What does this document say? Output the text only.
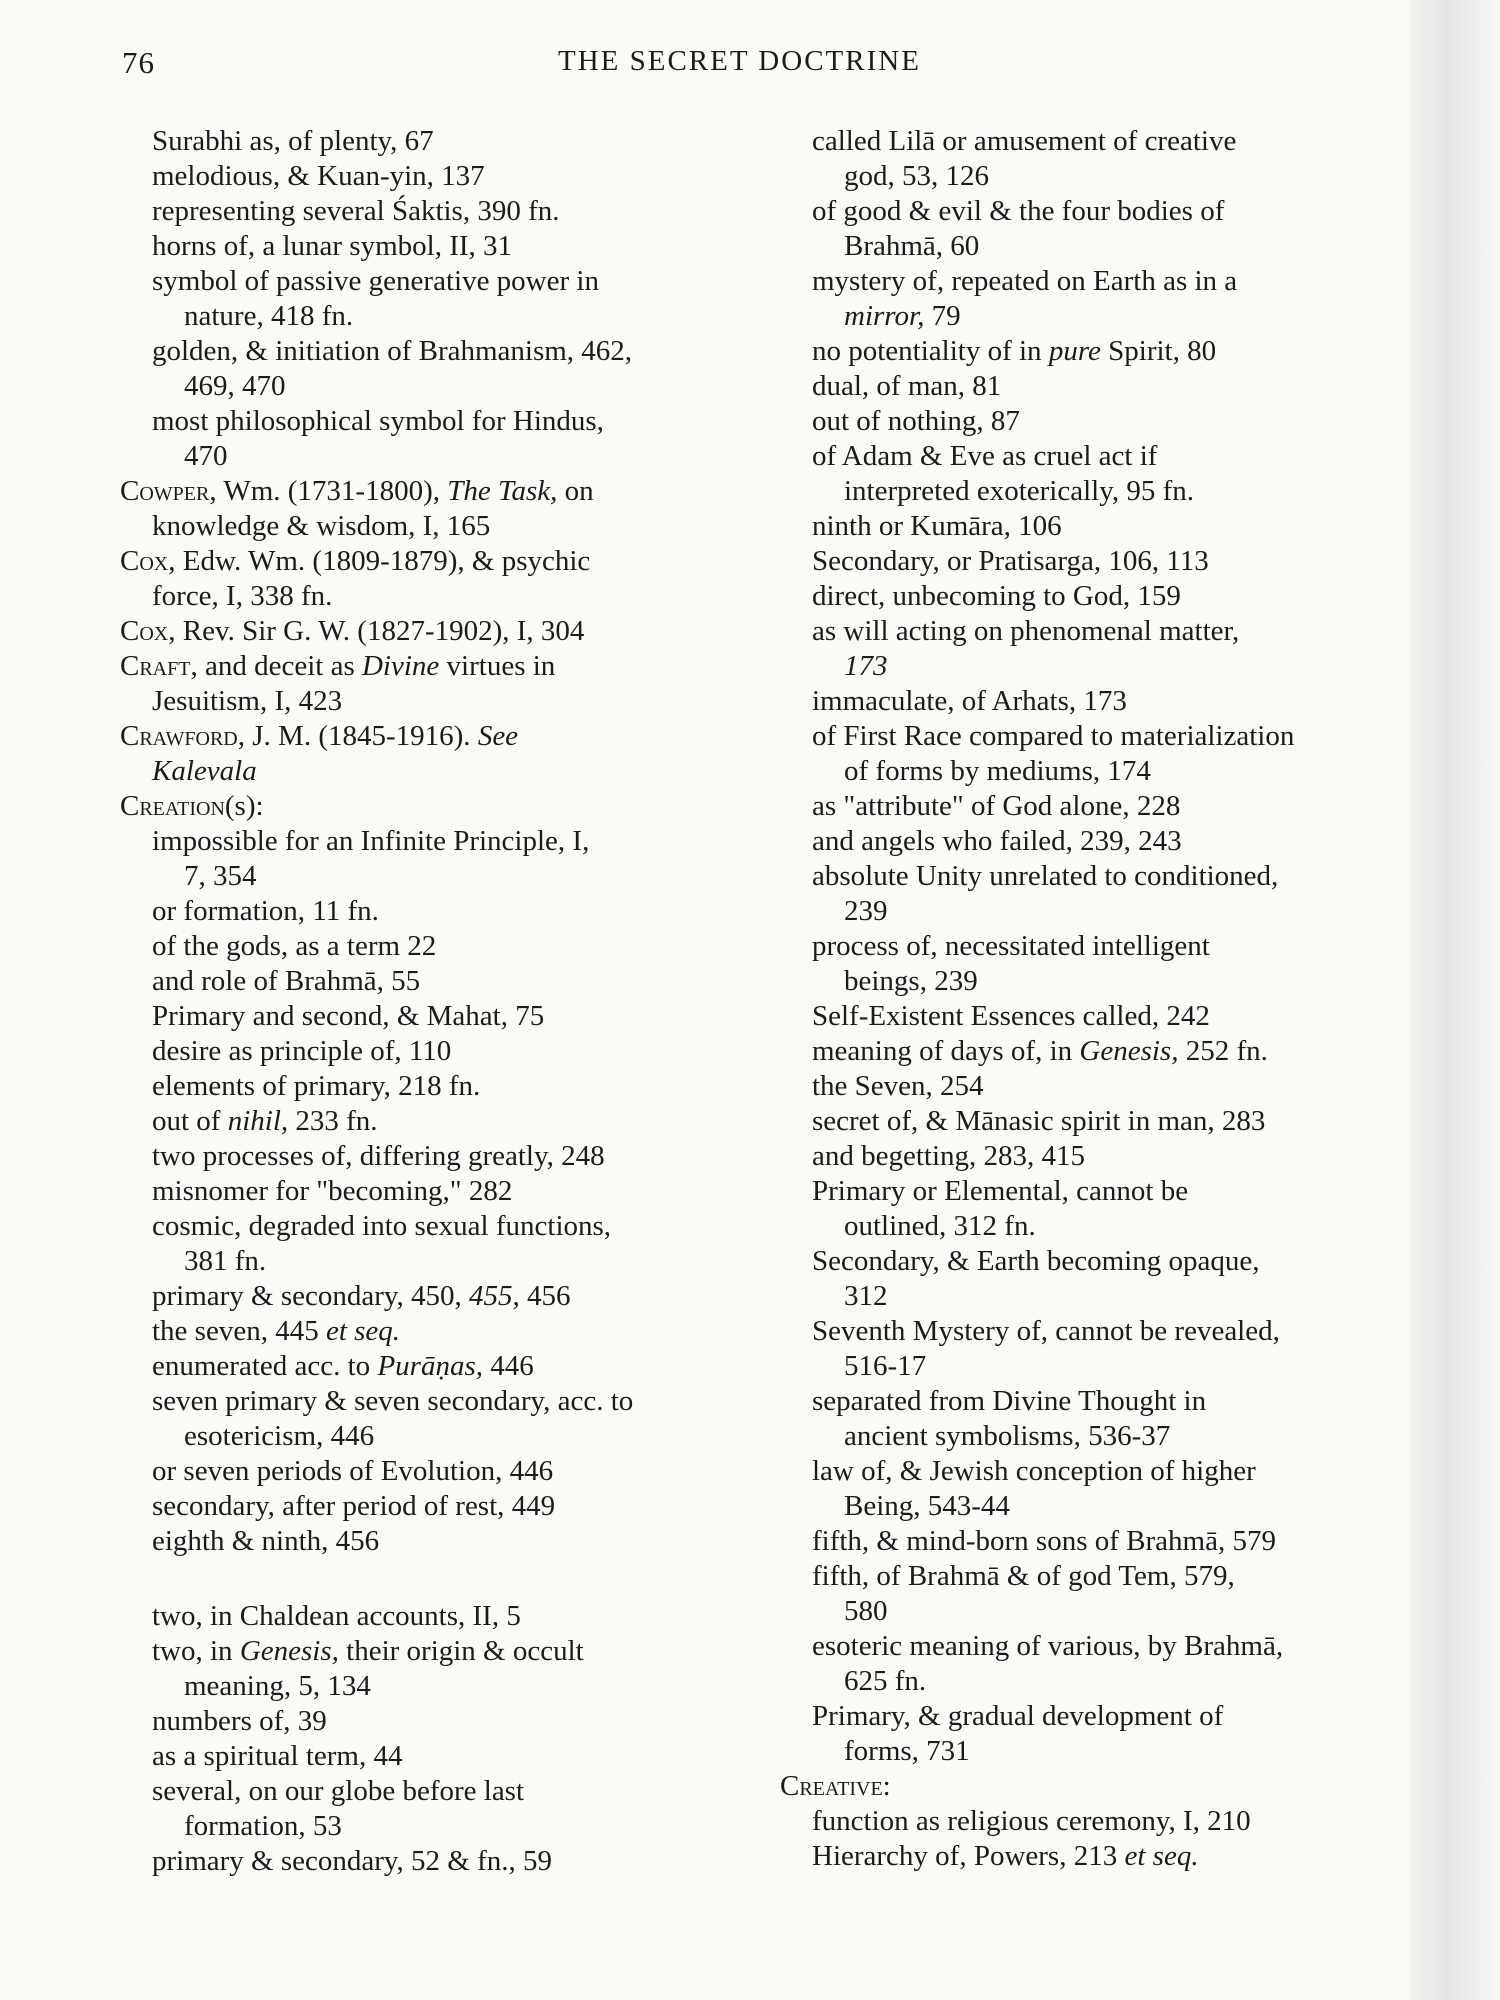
76	THE SECRET DOCTRINE
Surabhi as, of plenty, 67
melodious, & Kuan-yin, 137
representing several Śaktis, 390 fn.
horns of, a lunar symbol, II, 31
symbol of passive generative power in
nature, 418 fn.
golden, & initiation of Brahmanism, 462,
469, 470
most philosophical symbol for Hindus,
470
Cowper, Wm. (1731-1800), The Task, on
knowledge & wisdom, I, 165
Cox, Edw. Wm. (1809-1879), & psychic
force, I, 338 fn.
Cox, Rev. Sir G. W. (1827-1902), I, 304
Craft, and deceit as Divine virtues in
Jesuitism, I, 423
Crawford, J. M. (1845-1916). See
Kalevala
Creation(s):
impossible for an Infinite Principle, I,
7, 354
or formation, 11 fn.
of the gods, as a term 22
and role of Brahmā, 55
Primary and second, & Mahat, 75
desire as principle of, 110
elements of primary, 218 fn.
out of nihil, 233 fn.
two processes of, differing greatly, 248
misnomer for "becoming," 282
cosmic, degraded into sexual functions,
381 fn.
primary & secondary, 450, 455, 456
the seven, 445 et seq.
enumerated acc. to Purāṇas, 446
seven primary & seven secondary, acc. to
esotericism, 446
or seven periods of Evolution, 446
secondary, after period of rest, 449
eighth & ninth, 456
two, in Chaldean accounts, II, 5
two, in Genesis, their origin & occult
meaning, 5, 134
numbers of, 39
as a spiritual term, 44
several, on our globe before last
formation, 53
primary & secondary, 52 & fn., 59
called Lilā or amusement of creative
god, 53, 126
of good & evil & the four bodies of
Brahmā, 60
mystery of, repeated on Earth as in a
mirror, 79
no potentiality of in pure Spirit, 80
dual, of man, 81
out of nothing, 87
of Adam & Eve as cruel act if
interpreted exoterically, 95 fn.
ninth or Kumāra, 106
Secondary, or Pratisarga, 106, 113
direct, unbecoming to God, 159
as will acting on phenomenal matter,
173
immaculate, of Arhats, 173
of First Race compared to materialization
of forms by mediums, 174
as "attribute" of God alone, 228
and angels who failed, 239, 243
absolute Unity unrelated to conditioned,
239
process of, necessitated intelligent
beings, 239
Self-Existent Essences called, 242
meaning of days of, in Genesis, 252 fn.
the Seven, 254
secret of, & Mānasic spirit in man, 283
and begetting, 283, 415
Primary or Elemental, cannot be
outlined, 312 fn.
Secondary, & Earth becoming opaque,
312
Seventh Mystery of, cannot be revealed,
516-17
separated from Divine Thought in
ancient symbolisms, 536-37
law of, & Jewish conception of higher
Being, 543-44
fifth, & mind-born sons of Brahmā, 579
fifth, of Brahmā & of god Tem, 579,
580
esoteric meaning of various, by Brahmā,
625 fn.
Primary, & gradual development of
forms, 731
Creative:
function as religious ceremony, I, 210
Hierarchy of, Powers, 213 et seq.
